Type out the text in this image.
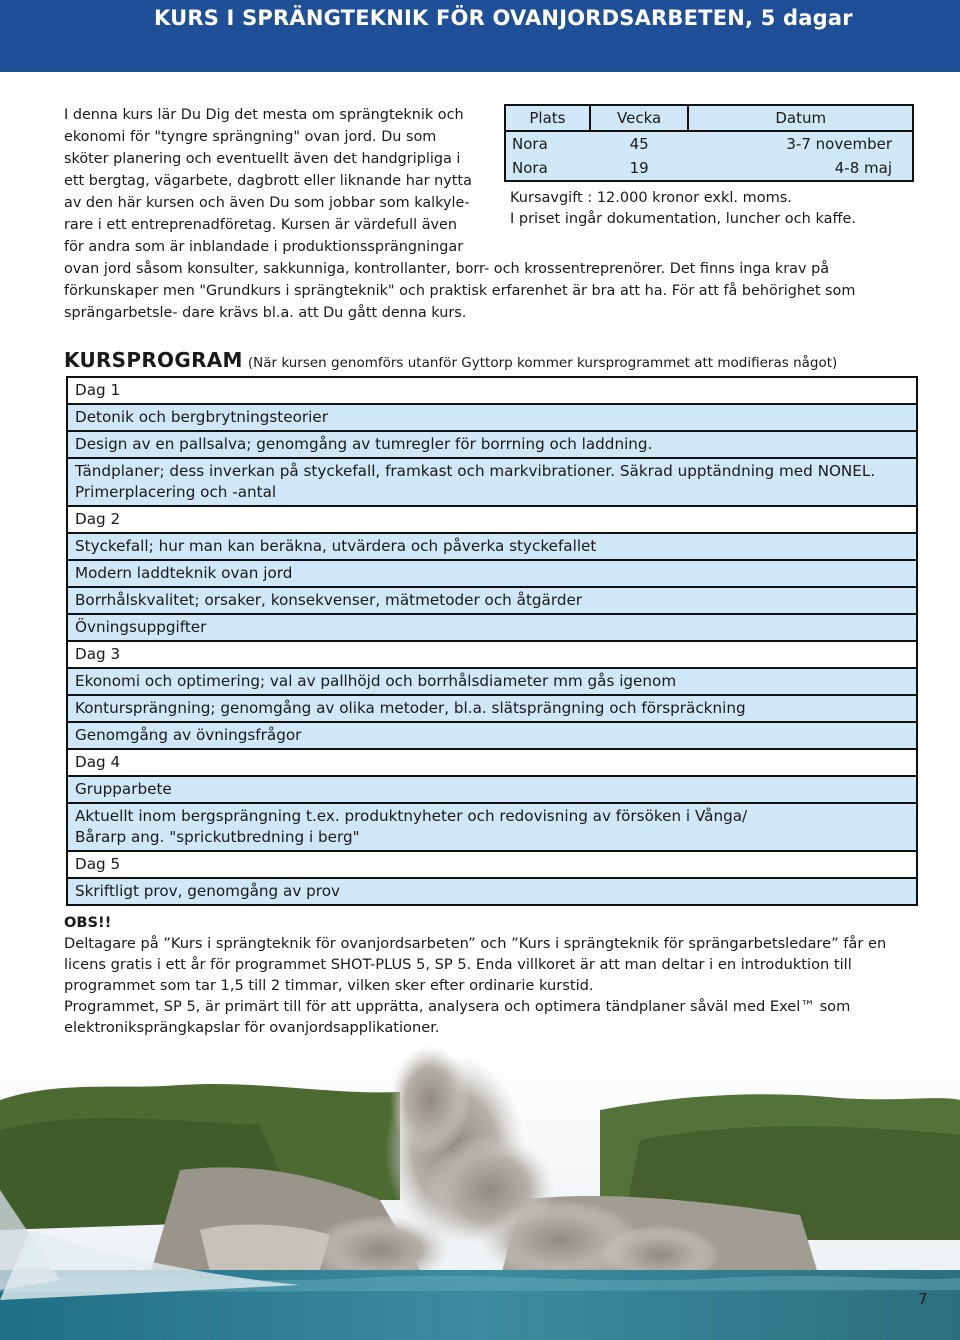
KURS I SPRÄNGTEKNIK FÖR OVANJORDSARBETEN, 5 dagar
Plats	Vecka	Datum
Nora	45	3-7 november
Nora	19	4-8 maj
Kursavgift : 12.000 kronor exkl. moms.
I priset ingår dokumentation, luncher och kaffe.
I denna kurs lär Du Dig det mesta om sprängteknik och ekonomi för "tyngre sprängning" ovan jord. Du som sköter planering och eventuellt även det handgripliga i ett bergtag, vägarbete, dagbrott eller liknande har nytta av den här kursen och även Du som jobbar som kalkyle- rare i ett entreprenadföretag. Kursen är värdefull även för andra som är inblandade i produktionssprängningar ovan jord såsom konsulter, sakkunniga, kontrollanter, borr- och krossentreprenörer. Det finns inga krav på förkunskaper men "Grundkurs i sprängteknik" och praktisk erfarenhet är bra att ha. För att få behörighet som sprängarbetsle- dare krävs bl.a. att Du gått denna kurs.
KURSPROGRAM (När kursen genomförs utanför Gyttorp kommer kursprogrammet att modifieras något)
Dag 1
Detonik och bergbrytningsteorier
Design av en pallsalva; genomgång av tumregler för borrning och laddning.
Tändplaner; dess inverkan på styckefall, framkast och markvibrationer. Säkrad upptändning med NONEL.
Primerplacering och -antal
Dag 2
Styckefall; hur man kan beräkna, utvärdera och påverka styckefallet
Modern laddteknik ovan jord
Borrhålskvalitet; orsaker, konsekvenser, mätmetoder och åtgärder
Övningsuppgifter
Dag 3
Ekonomi och optimering; val av pallhöjd och borrhålsdiameter mm gås igenom
Kontursprängning; genomgång av olika metoder, bl.a. slätsprängning och förspräckning
Genomgång av övningsfrågor
Dag 4
Grupparbete
Aktuellt inom bergsprängning t.ex. produktnyheter och redovisning av försöken i Vånga/
Bårarp ang. "sprickutbredning i berg"
Dag 5
Skriftligt prov, genomgång av prov
OBS!!

Deltagare på ”Kurs i sprängteknik för ovanjordsarbeten” och ”Kurs i sprängteknik för sprängarbetsledare” får en licens gratis i ett år för programmet SHOT-PLUS 5, SP 5. Enda villkoret är att man deltar i en introduktion till programmet som tar 1,5 till 2 timmar, vilken sker efter ordinarie kurstid.

Programmet, SP 5, är primärt till för att upprätta, analysera och optimera tändplaner såväl med Exel™ som elektroniksprängkapslar för ovanjordsapplikationer.

7
